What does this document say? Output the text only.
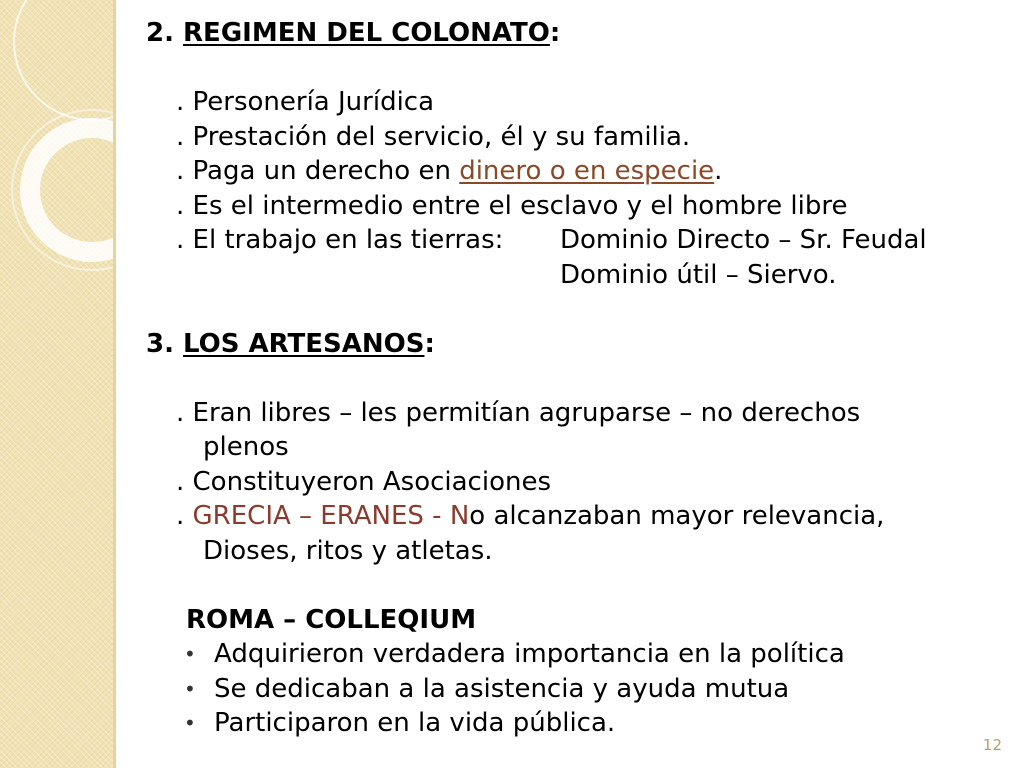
2. REGIMEN DEL COLONATO:
. Personería Jurídica
. Prestación del servicio, él y su familia.
. Paga un derecho en dinero o en especie.
. Es el intermedio entre el esclavo y el hombre libre
. El trabajo en las tierras: Dominio Directo – Sr. Feudal
Dominio útil – Siervo.
3. LOS ARTESANOS:
. Eran libres – les permitían agruparse – no derechos
plenos
. Constituyeron Asociaciones
. GRECIA – ERANES - No alcanzaban mayor relevancia,
Dioses, ritos y atletas.
ROMA – COLLEQIUM
• Adquirieron verdadera importancia en la política
• Se dedicaban a la asistencia y ayuda mutua
• Participaron en la vida pública.
12
